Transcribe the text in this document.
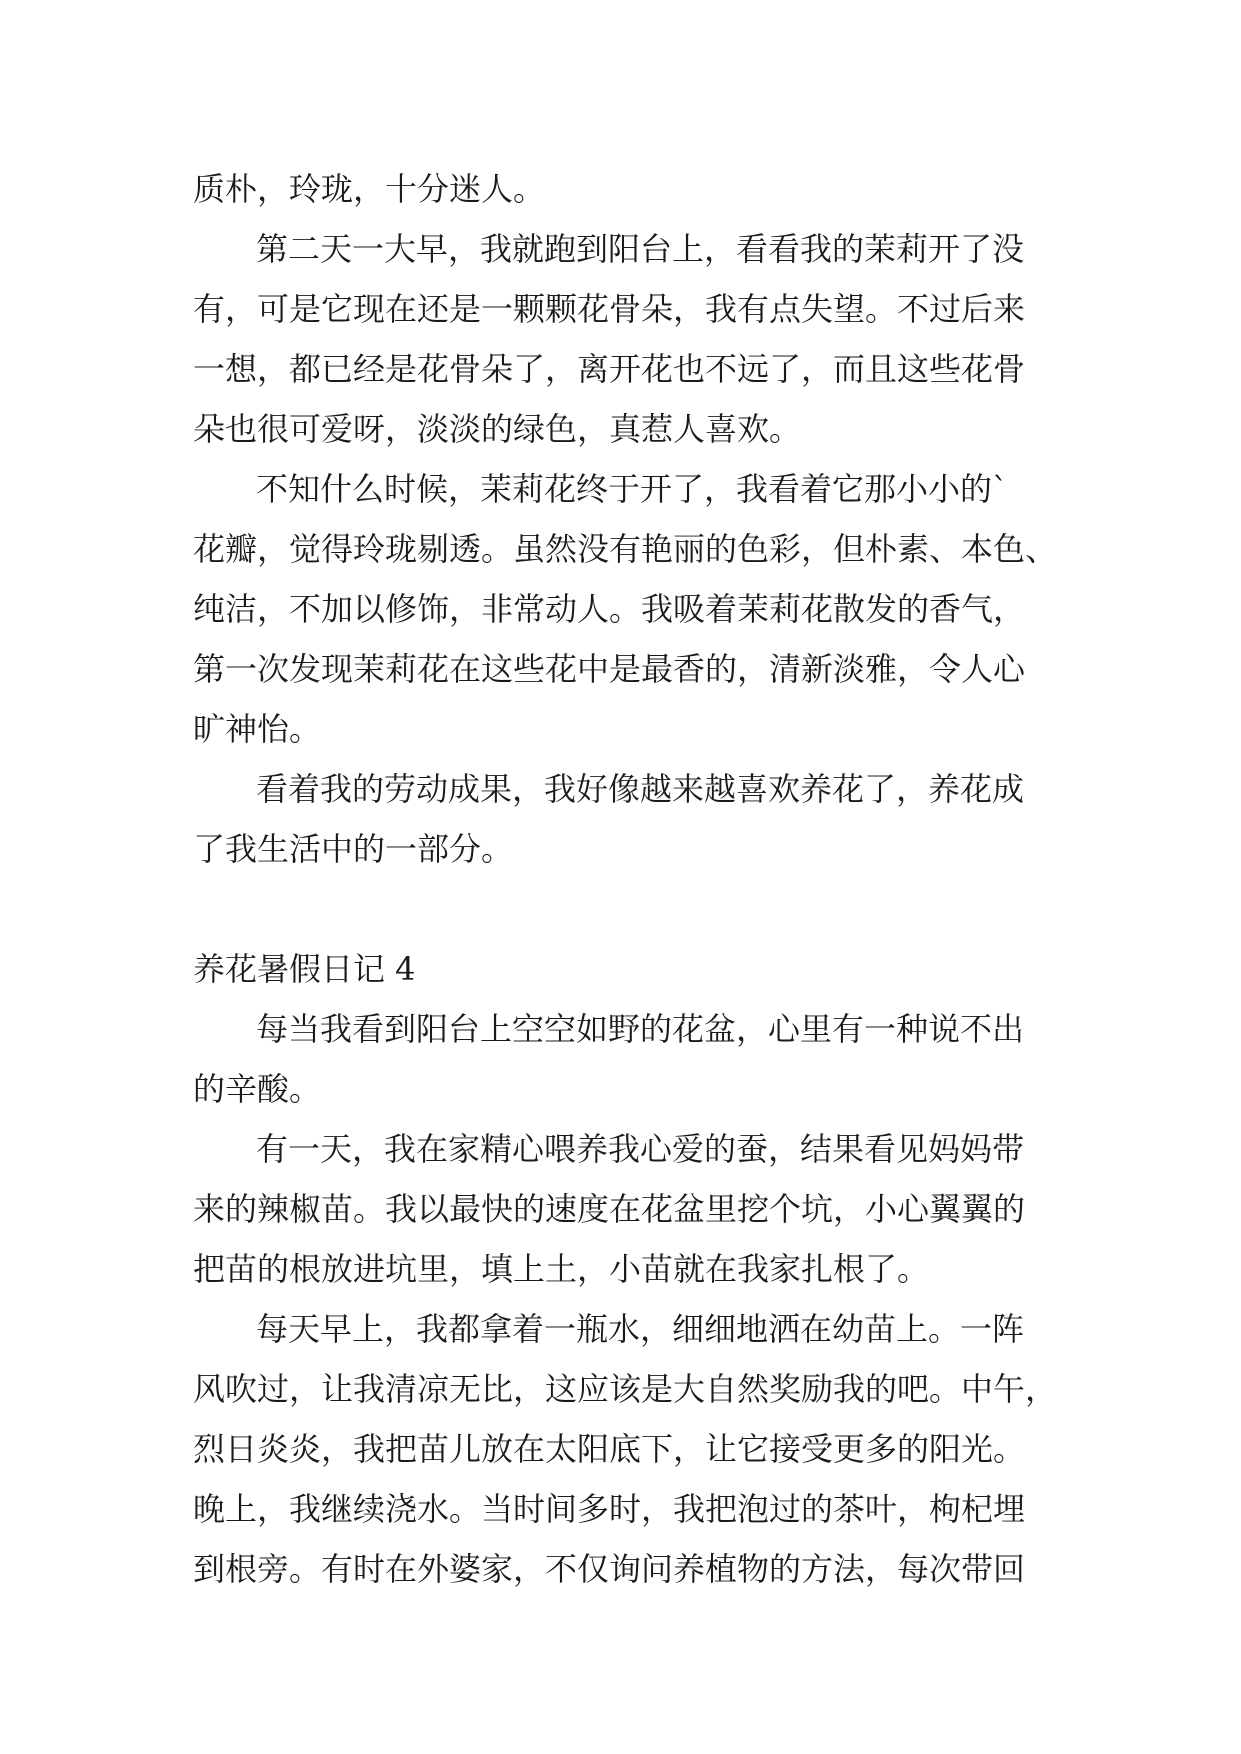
质朴，玲珑，十分迷人。
第二天一大早，我就跑到阳台上，看看我的茉莉开了没
有，可是它现在还是一颗颗花骨朵，我有点失望。不过后来
一想，都已经是花骨朵了，离开花也不远了，而且这些花骨
朵也很可爱呀，淡淡的绿色，真惹人喜欢。
不知什么时候，茉莉花终于开了，我看着它那小小的`
花瓣，觉得玲珑剔透。虽然没有艳丽的色彩，但朴素、本色、
纯洁，不加以修饰，非常动人。我吸着茉莉花散发的香气，
第一次发现茉莉花在这些花中是最香的，清新淡雅，令人心
旷神怡。
看着我的劳动成果，我好像越来越喜欢养花了，养花成
了我生活中的一部分。
养花暑假日记 4
每当我看到阳台上空空如野的花盆，心里有一种说不出
的辛酸。
有一天，我在家精心喂养我心爱的蚕，结果看见妈妈带
来的辣椒苗。我以最快的速度在花盆里挖个坑，小心翼翼的
把苗的根放进坑里，填上土，小苗就在我家扎根了。
每天早上，我都拿着一瓶水，细细地洒在幼苗上。一阵
风吹过，让我清凉无比，这应该是大自然奖励我的吧。中午，
烈日炎炎，我把苗儿放在太阳底下，让它接受更多的阳光。
晚上，我继续浇水。当时间多时，我把泡过的茶叶，枸杞埋
到根旁。有时在外婆家，不仅询问养植物的方法，每次带回
